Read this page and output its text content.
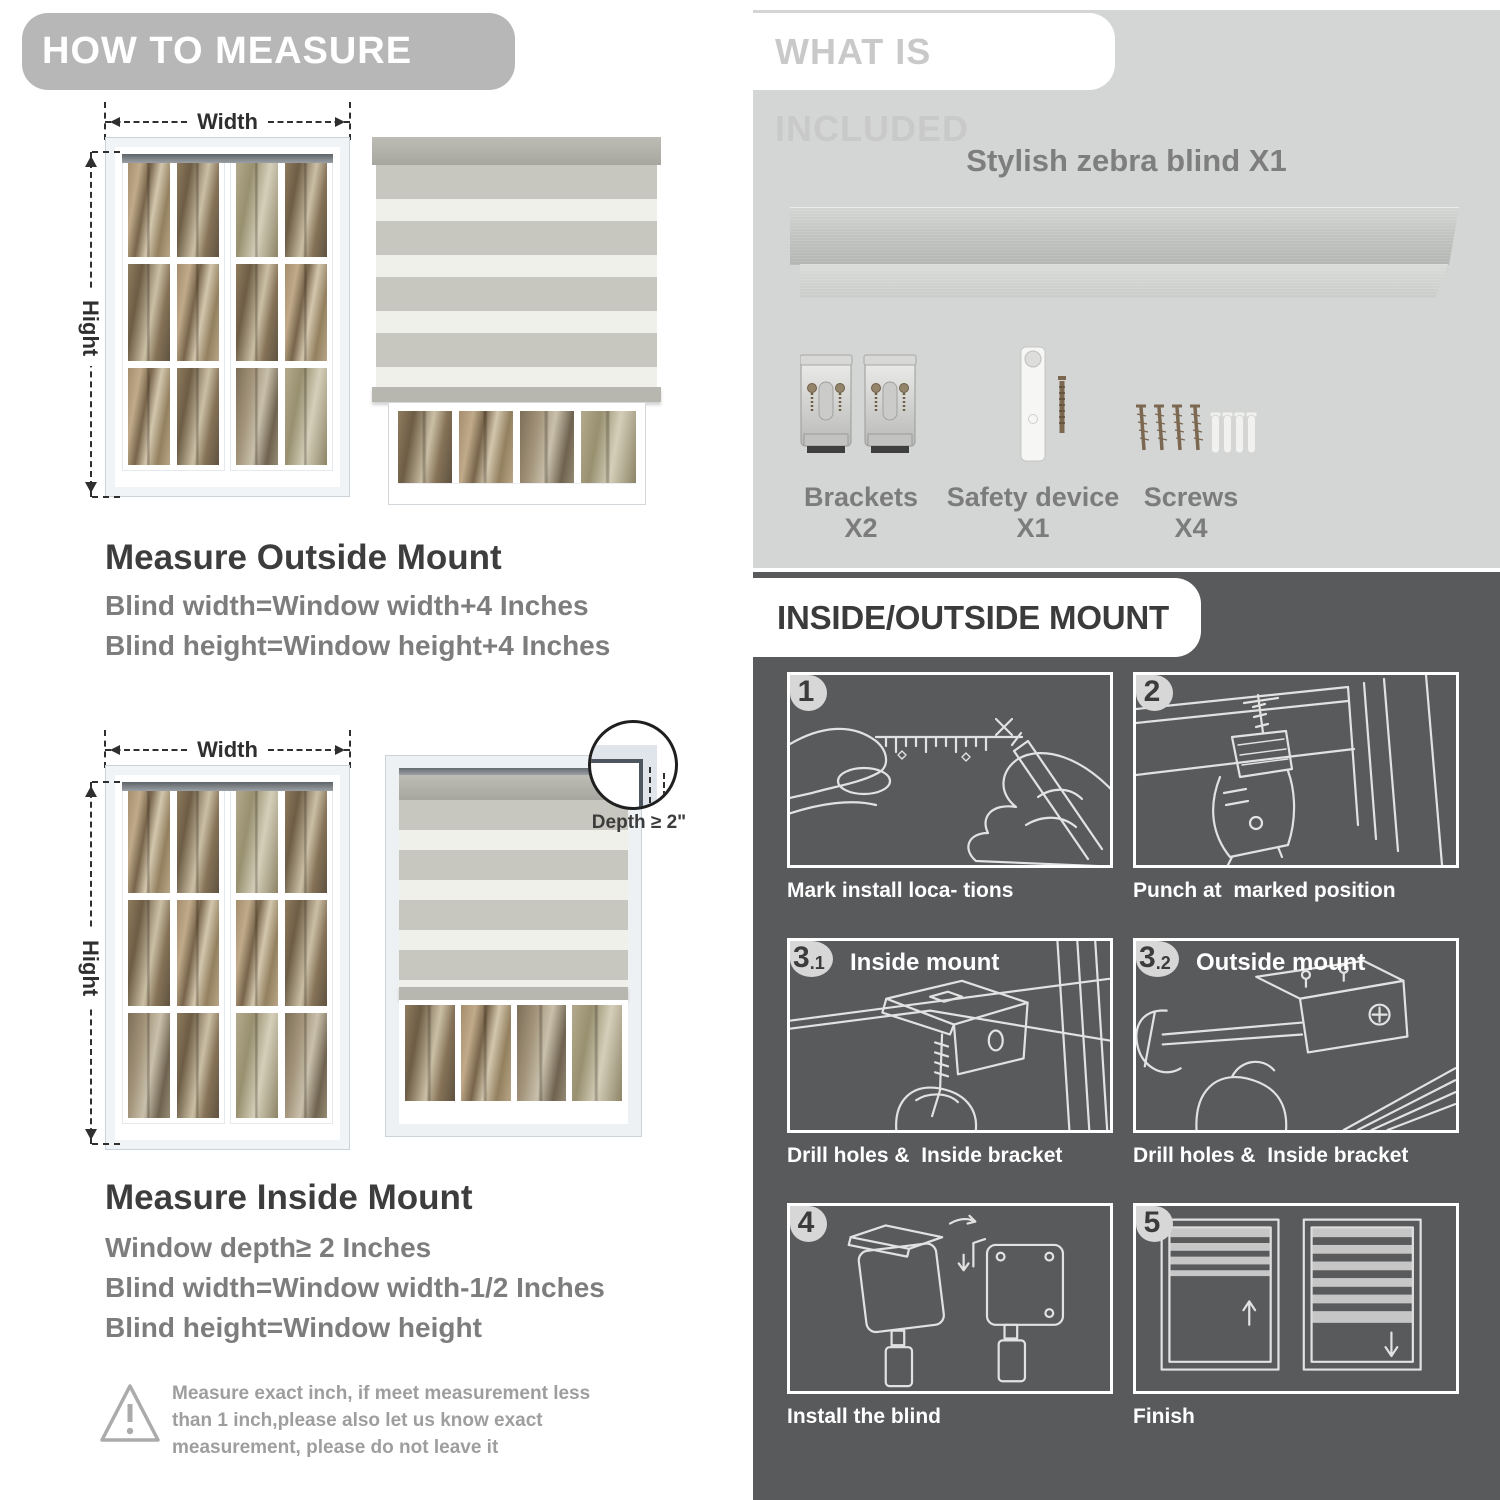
HOW TO MEASURE
Width
Hight
Measure Outside Mount
Blind width=Window width+4 Inches
Blind height=Window height+4 Inches
Width
Hight
Depth ≥ 2"
Measure Inside Mount
Window depth≥ 2 Inches
Blind width=Window width-1/2 Inches
Blind height=Window height
Measure exact inch, if meet measurement less
than 1 inch,please also let us know exact
measurement, please do not leave it
WHAT IS INCLUDED
Stylish zebra blind X1
Brackets X2
Safety device X1
Screws X4
INSIDE/OUTSIDE MOUNT
1
Mark install loca- tions
2
Punch at  marked position
3 .1 Inside mount
Drill holes &  Inside bracket
3 .2 Outside mount
Drill holes &  Inside bracket
4
Install the blind
5
Finish
